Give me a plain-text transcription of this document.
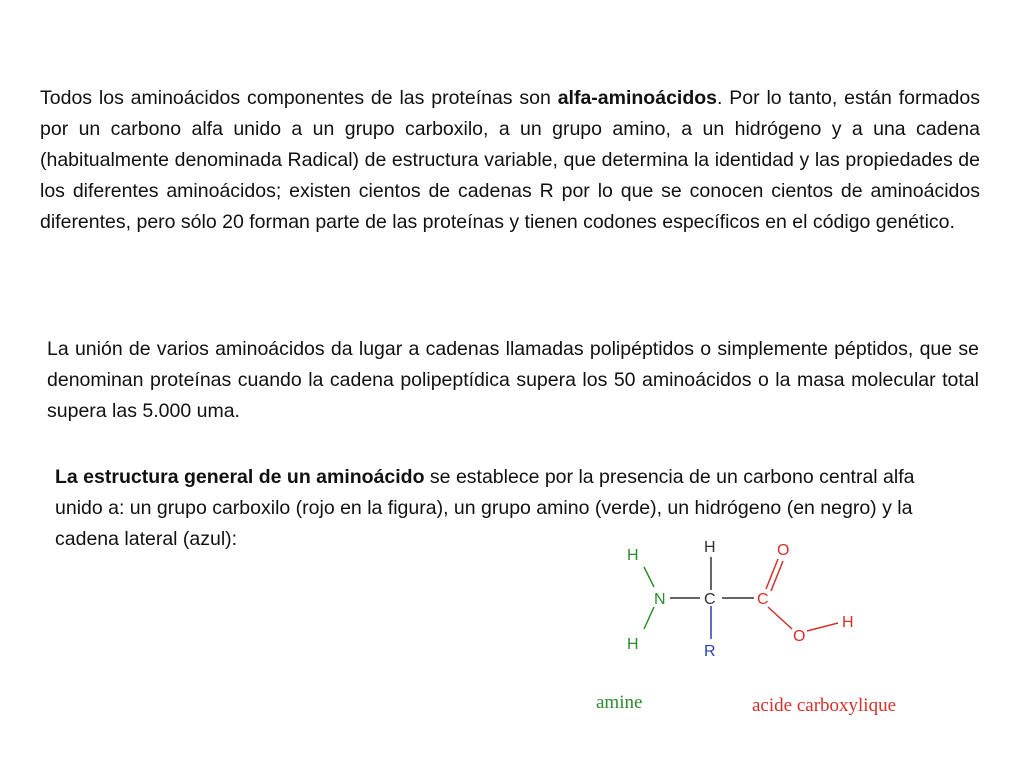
Todos los aminoácidos componentes de las proteínas son alfa-aminoácidos. Por lo tanto, están formados por un carbono alfa unido a un grupo carboxilo, a un grupo amino, a un hidrógeno y a una cadena (habitualmente denominada Radical) de estructura variable, que determina la identidad y las propiedades de los diferentes aminoácidos; existen cientos de cadenas R por lo que se conocen cientos de aminoácidos diferentes, pero sólo 20 forman parte de las proteínas y tienen codones específicos en el código genético.
La unión de varios aminoácidos da lugar a cadenas llamadas polipéptidos o simplemente péptidos, que se denominan proteínas cuando la cadena polipeptídica supera los 50 aminoácidos o la masa molecular total supera las 5.000 uma.
La estructura general de un aminoácido se establece por la presencia de un carbono central alfa unido a: un grupo carboxilo (rojo en la figura), un grupo amino (verde), un hidrógeno (en negro) y la cadena lateral (azul):
H
H
N C
H
R
C
O
O
H
amine	acide carboxylique
